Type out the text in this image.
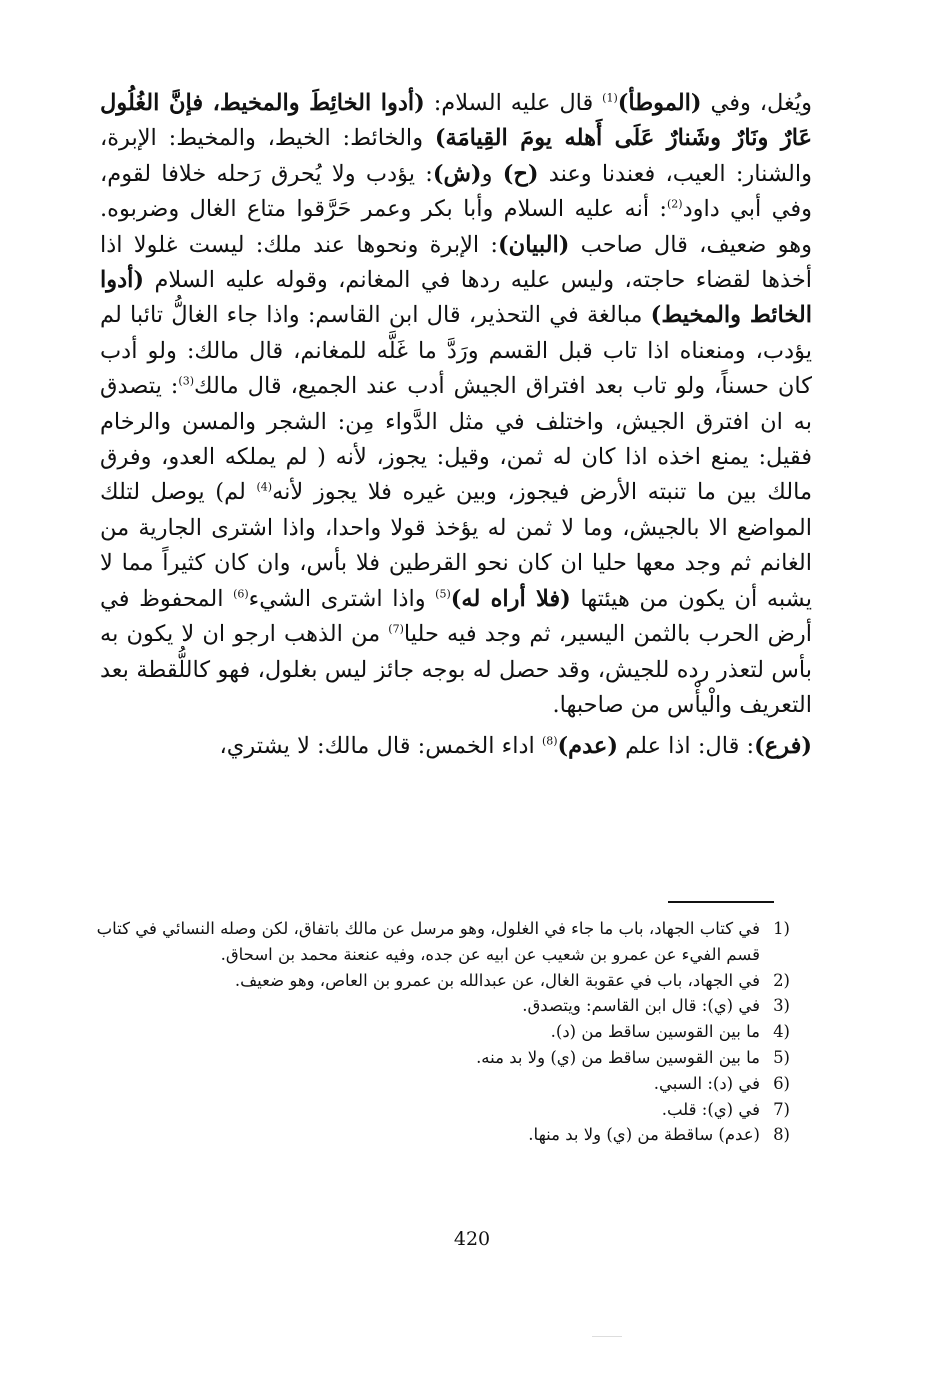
ويُغل، وفي (الموطأ)$^{(1)}$ قال عليه السلام: (أدوا الخائِطَ والمخيط، فإنَّ الغُلُول عَارٌ ونَارٌ وشَنارٌ عَلَى أَهله يومَ القِيامَة) والخائط: الخيط، والمخيط: الإبرة، والشنار: العيب، فعندنا وعند (ح) و(ش): يؤدب ولا يُحرق رَحله خلافا لقوم، وفي أبي داود$^{(2)}$: أنه عليه السلام وأبا بكر وعمر حَرَّقوا متاع الغال وضربوه. وهو ضعيف، قال صاحب (البيان): الإبرة ونحوها عند ملك: ليست غلولا اذا أخذها لقضاء حاجته، وليس عليه ردها في المغانم، وقوله عليه السلام (أدوا الخائط والمخيط) مبالغة في التحذير، قال ابن القاسم: واذا جاء الغالُّ تائبا لم يؤدب، ومنعناه اذا تاب قبل القسم ورَدَّ ما غَلَّه للمغانم، قال مالك: ولو أدب كان حسناً، ولو تاب بعد افتراق الجيش أدب عند الجميع، قال مالك$^{(3)}$: يتصدق به ان افترق الجيش، واختلف في مثل الدَّواء مِن: الشجر والمسن والرخام فقيل: يمنع اخذه اذا كان له ثمن، وقيل: يجوز، لأنه ( لم يملكه العدو، وفرق مالك بين ما تنبته الأرض فيجوز، وبين غيره فلا يجوز لأنه$^{(4)}$ لم) يوصل لتلك المواضع الا بالجيش، وما لا ثمن له يؤخذ قولا واحدا، واذا اشترى الجارية من الغانم ثم وجد معها حليا ان كان نحو القرطين فلا بأس، وان كان كثيراً مما لا يشبه أن يكون من هيئتها (فلا أراه له)$^{(5)}$ واذا اشترى الشيء$^{(6)}$ المحفوظ في أرض الحرب بالثمن اليسير، ثم وجد فيه حليا$^{(7)}$ من الذهب ارجو ان لا يكون به بأس لتعذر رده للجيش، وقد حصل له بوجه جائز ليس بغلول، فهو كاللُّقطة بعد التعريف والْيأْس من صاحبها.

(فرع): قال: اذا علم (عدم)$^{(8)}$ اداء الخمس: قال مالك: لا يشتري،

1)
في كتاب الجهاد، باب ما جاء في الغلول، وهو مرسل عن مالك باتفاق، لكن وصله النسائي في كتاب قسم الفيء عن عمرو بن شعيب عن ابيه عن جده، وفيه عنعنة محمد بن اسحاق.
2)
في الجهاد، باب في عقوبة الغال، عن عبدالله بن عمرو بن العاص، وهو ضعيف.
3)
في (ي): قال ابن القاسم: ويتصدق.
4)
ما بين القوسين ساقط من (د).
5)
ما بين القوسين ساقط من (ي) ولا بد منه.
6)
في (د): السبي.
7)
في (ي): قلب.
8)
(عدم) ساقطة من (ي) ولا بد منها.
420
